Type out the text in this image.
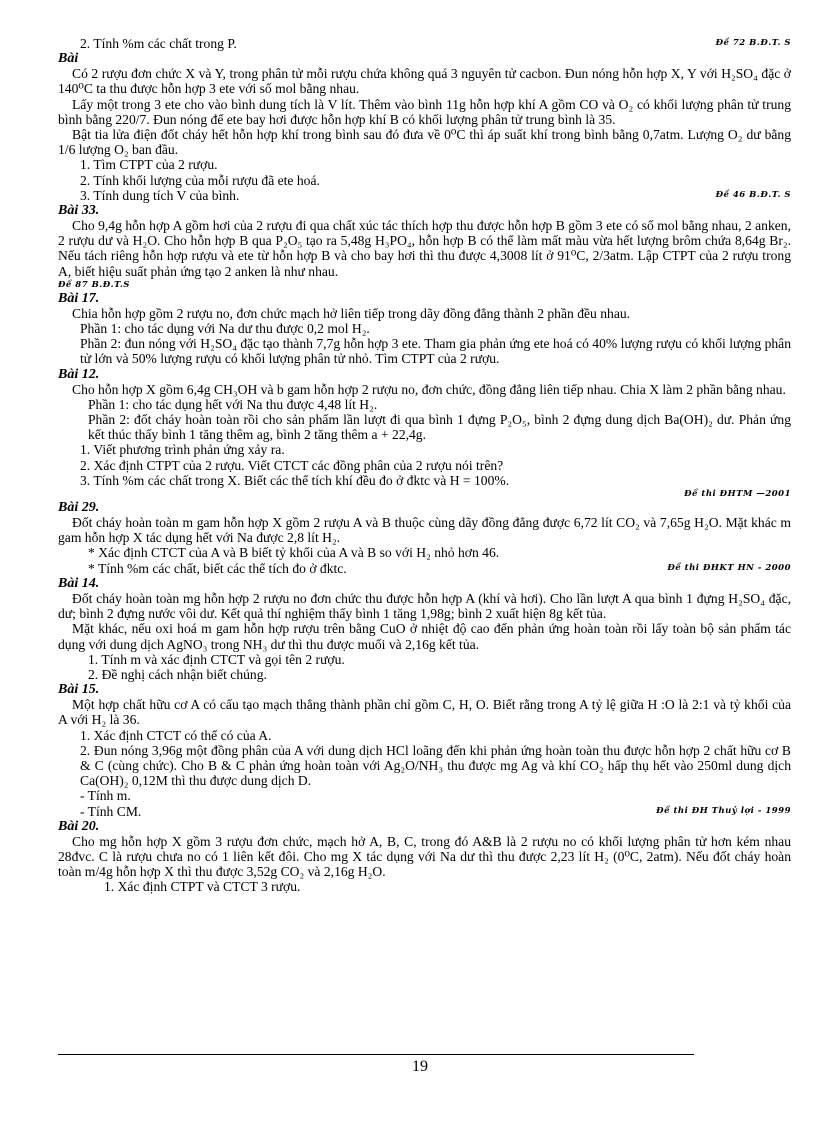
Đề 72 B.Đ.T. S
2. Tính %m các chất trong P.

Bài

Có 2 rượu đơn chức X và Y, trong phân tử mỗi rượu chứa không quá 3 nguyên tử cacbon. Đun nóng hỗn hợp X, Y với H₂SO₄ đặc ở 140⁰C ta thu được hỗn hợp 3 ete với số mol bằng nhau.

Lấy một trong 3 ete cho vào bình dung tích là V lít. Thêm vào bình 11g hỗn hợp khí A gồm CO và O₂ có khối lượng phân tử trung bình bằng 220/7. Đun nóng để ete bay hơi được hỗn hợp khí B có khối lượng phân tử trung bình là 35.

Bật tia lửa điện đốt cháy hết hỗn hợp khí trong bình sau đó đưa về 0⁰C thì áp suất khí trong bình bằng 0,7atm. Lượng O₂ dư bằng 1/6 lượng O₂ ban đầu.

1. Tìm CTPT của 2 rượu.

2. Tính khối lượng của mỗi rượu đã ete hoá.

Đề 46 B.Đ.T. S
3. Tính dung tích V của bình.

Bài 33.

Cho 9,4g hỗn hợp A gồm hơi của 2 rượu đi qua chất xúc tác thích hợp thu được hỗn hợp B gồm 3 ete có số mol bằng nhau, 2 anken, 2 rượu dư và H₂O. Cho hỗn hợp B qua P₂O₅ tạo ra 5,48g H₃PO₄, hỗn hợp B có thể làm mất màu vừa hết lượng brôm chứa 8,64g Br₂. Nếu tách riêng hỗn hợp rượu và ete từ hỗn hợp B và cho bay hơi thì thu được 4,3008 lít ở 91⁰C, 2/3atm. Lập CTPT của 2 rượu trong A, biết hiệu suất phản ứng tạo 2 anken là như nhau.

Đề 87 B.Đ.T.S

Bài 17.

Chia hỗn hợp gồm 2 rượu no, đơn chức mạch hở liên tiếp trong dãy đồng đẳng thành 2 phần đều nhau.

Phần 1: cho tác dụng với Na dư thu được 0,2 mol H₂.

Phần 2: đun nóng với H₂SO₄ đặc tạo thành 7,7g hỗn hợp 3 ete. Tham gia phản ứng ete hoá có 40% lượng rượu có khối lượng phân tử lớn và 50% lượng rượu có khối lượng phân tử nhỏ. Tìm CTPT của 2 rượu.

Bài 12.

Cho hỗn hợp X gồm 6,4g CH₃OH và b gam hỗn hợp 2 rượu no, đơn chức, đồng đẳng liên tiếp nhau. Chia X làm 2 phần bằng nhau.

Phần 1: cho tác dụng hết với Na thu được 4,48 lít H₂.

Phần 2: đốt cháy hoàn toàn rồi cho sản phẩm lần lượt đi qua bình 1 đựng P₂O₅, bình 2 đựng dung dịch Ba(OH)₂ dư. Phản ứng kết thúc thấy bình 1 tăng thêm ag, bình 2 tăng thêm a + 22,4g.

1. Viết phương trình phản ứng xảy ra.

2. Xác định CTPT của 2 rượu. Viết CTCT các đồng phân của 2 rượu nói trên?

3. Tính %m các chất trong X. Biết các thể tích khí đều đo ở đktc và H = 100%.

Đề thi ĐHTM —2001

Bài 29.

Đốt cháy hoàn toàn m gam hỗn hợp X gồm 2 rượu A và B thuộc cùng dãy đồng đẳng được 6,72 lít CO₂ và 7,65g H₂O. Mặt khác m gam hỗn hợp X tác dụng hết với Na được 2,8 lít H₂.

* Xác định CTCT của A và B biết tỷ khối của A và B so với H₂ nhỏ hơn 46.

Đề thi ĐHKT HN - 2000
* Tính %m các chất, biết các thể tích đo ở đktc.

Bài 14.

Đốt cháy hoàn toàn mg hỗn hợp 2 rượu no đơn chức thu được hỗn hợp A (khí và hơi). Cho lần lượt A qua bình 1 đựng H₂SO₄ đặc, dư; bình 2 đựng nước vôi dư. Kết quả thí nghiệm thấy bình 1 tăng 1,98g; bình 2 xuất hiện 8g kết tủa.

Mặt khác, nếu oxi hoá m gam hỗn hợp rượu trên bằng CuO ở nhiệt độ cao đến phản ứng hoàn toàn rồi lấy toàn bộ sản phẩm tác dụng với dung dịch AgNO₃ trong NH₃ dư thì thu được muối và 2,16g kết tủa.

1. Tính m và xác định CTCT và gọi tên 2 rượu.

2. Đề nghị cách nhận biết chúng.

Bài 15.

Một hợp chất hữu cơ A có cấu tạo mạch thẳng thành phần chỉ gồm C, H, O. Biết rằng trong A tỷ lệ giữa H :O là 2:1 và tỷ khối của A với H₂ là 36.

1. Xác định CTCT có thể có của A.

2. Đun nóng 3,96g một đồng phân của A với dung dịch HCl loãng đến khi phản ứng hoàn toàn thu được hỗn hợp 2 chất hữu cơ B & C (cùng chức). Cho B & C phản ứng hoàn toàn với Ag₂O/NH₃ thu được mg Ag và khí CO₂ hấp thụ hết vào 250ml dung dịch Ca(OH)₂ 0,12M thì thu được dung dịch D.

- Tính m.

Đề thi ĐH Thuỷ lợi - 1999
- Tính CM.

Bài 20.

Cho mg hỗn hợp X gồm 3 rượu đơn chức, mạch hở A, B, C, trong đó A&B là 2 rượu no có khối lượng phân tử hơn kém nhau 28đvc. C là rượu chưa no có 1 liên kết đôi. Cho mg X tác dụng với Na dư thì thu được 2,23 lít H₂ (0⁰C, 2atm). Nếu đốt cháy hoàn toàn m/4g hỗn hợp X thì thu được 3,52g CO₂ và 2,16g H₂O.

1. Xác định CTPT và CTCT 3 rượu.

19
